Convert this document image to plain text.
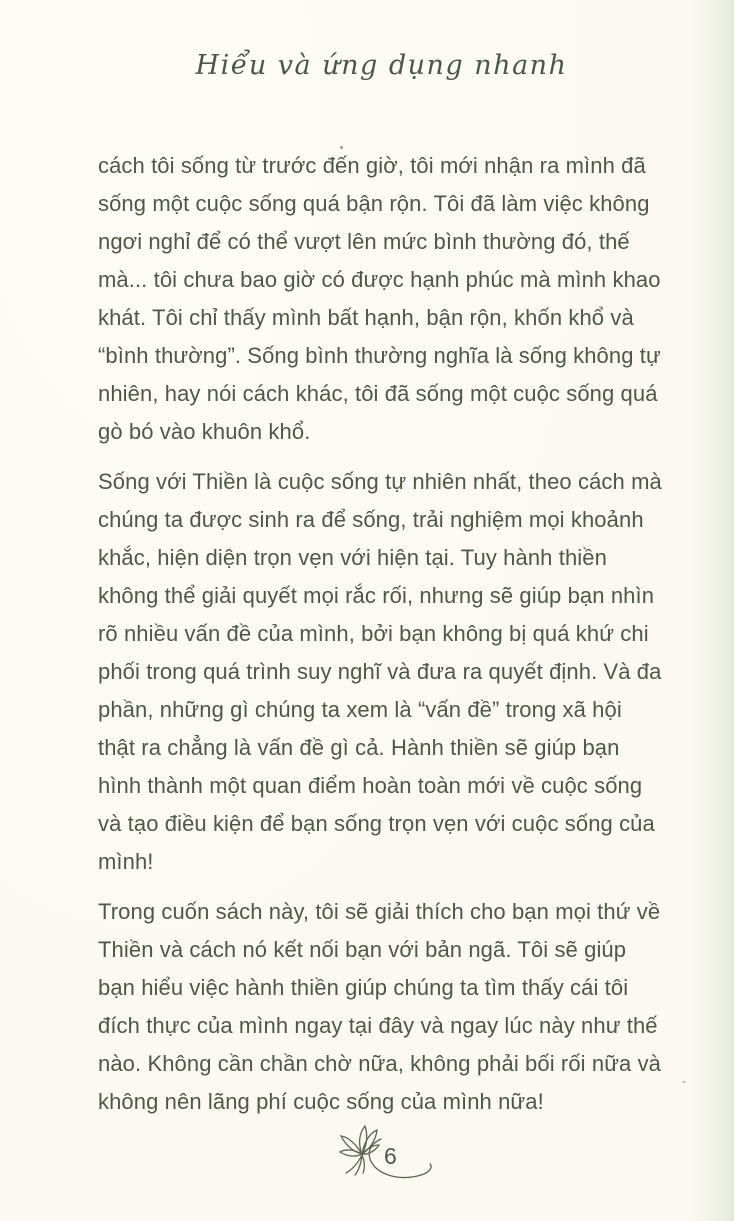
Hiểu và ứng dụng nhanh

cách tôi sống từ trước đến giờ, tôi mới nhận ra mình đã sống một cuộc sống quá bận rộn. Tôi đã làm việc không ngơi nghỉ để có thể vượt lên mức bình thường đó, thế mà... tôi chưa bao giờ có được hạnh phúc mà mình khao khát. Tôi chỉ thấy mình bất hạnh, bận rộn, khốn khổ và “bình thường”. Sống bình thường nghĩa là sống không tự nhiên, hay nói cách khác, tôi đã sống một cuộc sống quá gò bó vào khuôn khổ.

Sống với Thiền là cuộc sống tự nhiên nhất, theo cách mà chúng ta được sinh ra để sống, trải nghiệm mọi khoảnh khắc, hiện diện trọn vẹn với hiện tại. Tuy hành thiền không thể giải quyết mọi rắc rối, nhưng sẽ giúp bạn nhìn rõ nhiều vấn đề của mình, bởi bạn không bị quá khứ chi phối trong quá trình suy nghĩ và đưa ra quyết định. Và đa phần, những gì chúng ta xem là “vấn đề” trong xã hội thật ra chẳng là vấn đề gì cả. Hành thiền sẽ giúp bạn hình thành một quan điểm hoàn toàn mới về cuộc sống và tạo điều kiện để bạn sống trọn vẹn với cuộc sống của mình!

Trong cuốn sách này, tôi sẽ giải thích cho bạn mọi thứ về Thiền và cách nó kết nối bạn với bản ngã. Tôi sẽ giúp bạn hiểu việc hành thiền giúp chúng ta tìm thấy cái tôi đích thực của mình ngay tại đây và ngay lúc này như thế nào. Không cần chần chờ nữa, không phải bối rối nữa và không nên lãng phí cuộc sống của mình nữa!

6
